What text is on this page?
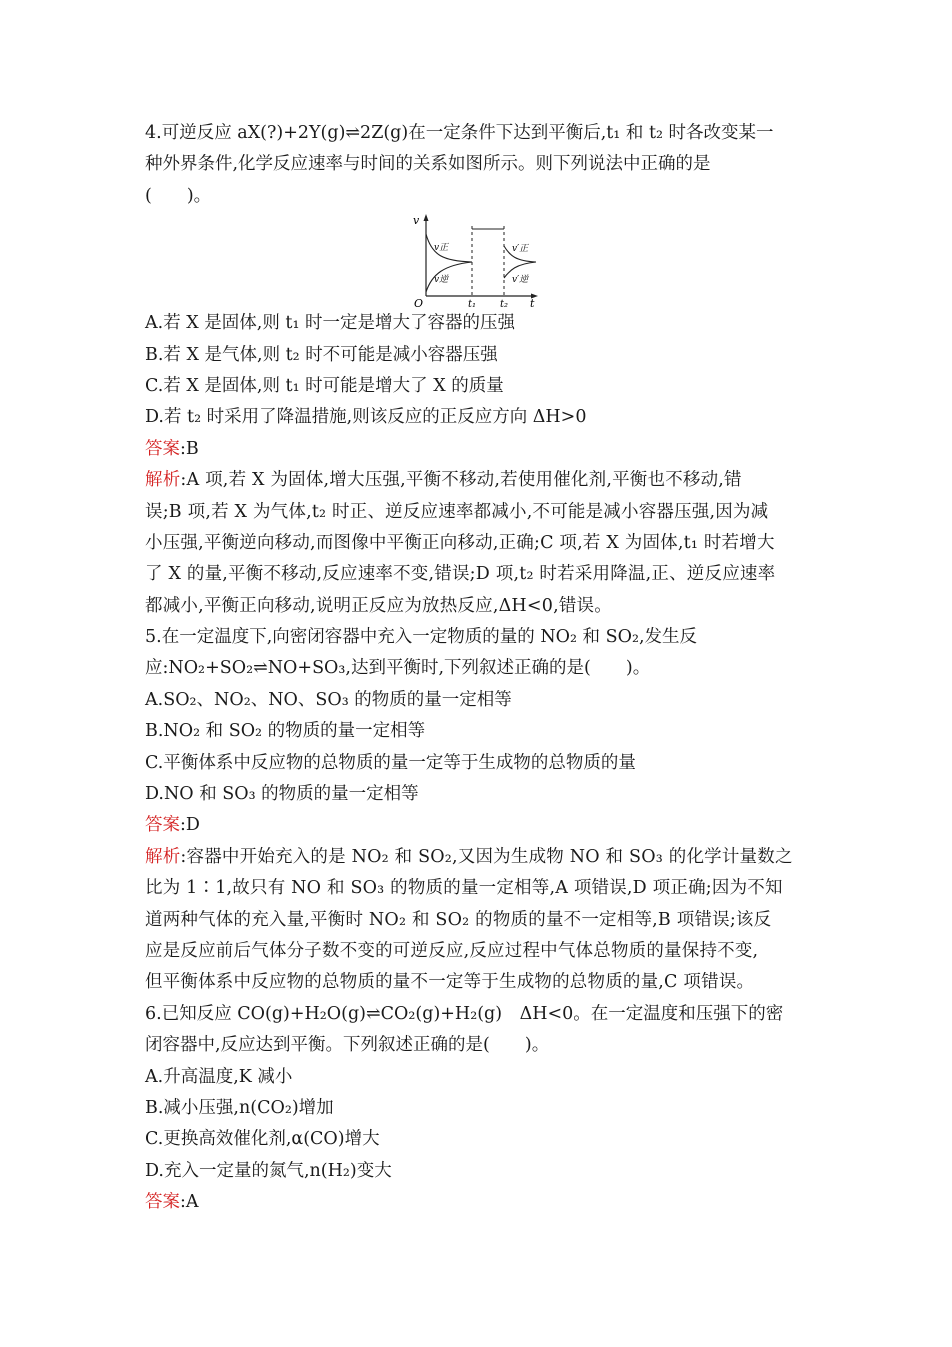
4.可逆反应 aX(?)+2Y(g)⇌2Z(g)在一定条件下达到平衡后,t₁ 和 t₂ 时各改变某一
种外界条件,化学反应速率与时间的关系如图所示。则下列说法中正确的是
(　　)。
v
O	t₁ t₂ t
v正
v逆
v′正
v′逆
A.若 X 是固体,则 t₁ 时一定是增大了容器的压强
B.若 X 是气体,则 t₂ 时不可能是减小容器压强
C.若 X 是固体,则 t₁ 时可能是增大了 X 的质量
D.若 t₂ 时采用了降温措施,则该反应的正反应方向 ΔH>0
答案:B
解析:A 项,若 X 为固体,增大压强,平衡不移动,若使用催化剂,平衡也不移动,错
误;B 项,若 X 为气体,t₂ 时正、逆反应速率都减小,不可能是减小容器压强,因为减
小压强,平衡逆向移动,而图像中平衡正向移动,正确;C 项,若 X 为固体,t₁ 时若增大
了 X 的量,平衡不移动,反应速率不变,错误;D 项,t₂ 时若采用降温,正、逆反应速率
都减小,平衡正向移动,说明正反应为放热反应,ΔH<0,错误。
5.在一定温度下,向密闭容器中充入一定物质的量的 NO₂ 和 SO₂,发生反
应:NO₂+SO₂⇌NO+SO₃,达到平衡时,下列叙述正确的是(　　)。
A.SO₂、NO₂、NO、SO₃ 的物质的量一定相等
B.NO₂ 和 SO₂ 的物质的量一定相等
C.平衡体系中反应物的总物质的量一定等于生成物的总物质的量
D.NO 和 SO₃ 的物质的量一定相等
答案:D
解析:容器中开始充入的是 NO₂ 和 SO₂,又因为生成物 NO 和 SO₃ 的化学计量数之
比为 1∶1,故只有 NO 和 SO₃ 的物质的量一定相等,A 项错误,D 项正确;因为不知
道两种气体的充入量,平衡时 NO₂ 和 SO₂ 的物质的量不一定相等,B 项错误;该反
应是反应前后气体分子数不变的可逆反应,反应过程中气体总物质的量保持不变,
但平衡体系中反应物的总物质的量不一定等于生成物的总物质的量,C 项错误。
6.已知反应 CO(g)+H₂O(g)⇌CO₂(g)+H₂(g)　ΔH<0。在一定温度和压强下的密
闭容器中,反应达到平衡。下列叙述正确的是(　　)。
A.升高温度,K 减小
B.减小压强,n(CO₂)增加
C.更换高效催化剂,α(CO)增大
D.充入一定量的氮气,n(H₂)变大
答案:A
